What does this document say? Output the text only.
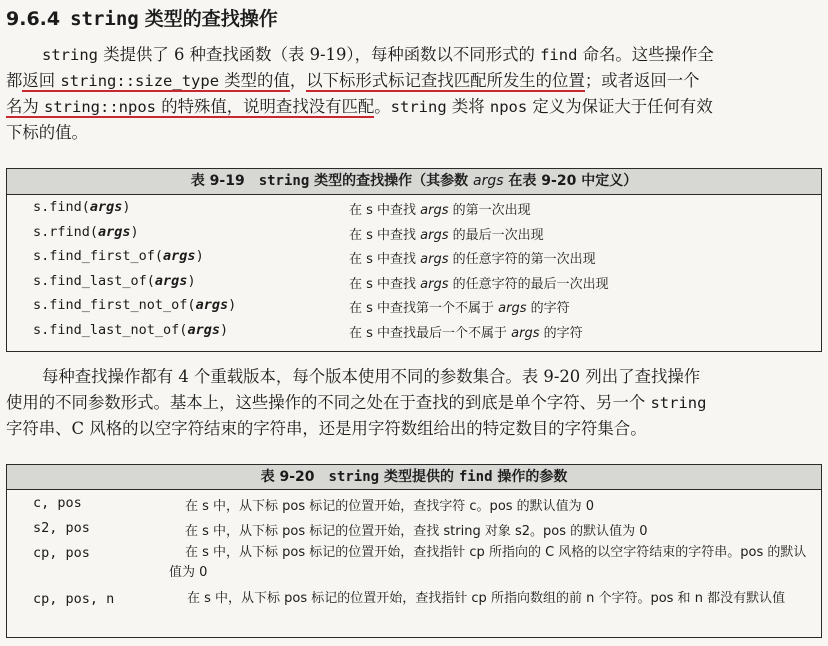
9.6.4 string 类型的查找操作

string 类提供了 6 种查找函数（表 9-19），每种函数以不同形式的 find 命名。这些操作全

都返回 string::size_type 类型的值，以下标形式标记查找匹配所发生的位置；或者返回一个

名为 string::npos 的特殊值，说明查找没有匹配。string 类将 npos 定义为保证大于任何有效

下标的值。

表 9-19　string 类型的查找操作（其参数 args 在表 9-20 中定义）
s.find(args)	在 s 中查找 args 的第一次出现
s.rfind(args)	在 s 中查找 args 的最后一次出现
s.find_first_of(args)	在 s 中查找 args 的任意字符的第一次出现
s.find_last_of(args)	在 s 中查找 args 的任意字符的最后一次出现
s.find_first_not_of(args)	在 s 中查找第一个不属于 args 的字符
s.find_last_not_of(args)	在 s 中查找最后一个不属于 args 的字符

每种查找操作都有 4 个重载版本，每个版本使用不同的参数集合。表 9-20 列出了查找操作

使用的不同参数形式。基本上，这些操作的不同之处在于查找的到底是单个字符、另一个 string

字符串、C 风格的以空字符结束的字符串，还是用字符数组给出的特定数目的字符集合。

表 9-20　string 类型提供的 find 操作的参数
c, pos	在 s 中，从下标 pos 标记的位置开始，查找字符 c。pos 的默认值为 0
s2, pos	在 s 中，从下标 pos 标记的位置开始，查找 string 对象 s2。pos 的默认值为 0
cp, pos	在 s 中，从下标 pos 标记的位置开始，查找指针 cp 所指向的 C 风格的以空字符结束的字符串。pos 的默认值为 0
cp, pos, n	在 s 中，从下标 pos 标记的位置开始，查找指针 cp 所指向数组的前 n 个字符。pos 和 n 都没有默认值
